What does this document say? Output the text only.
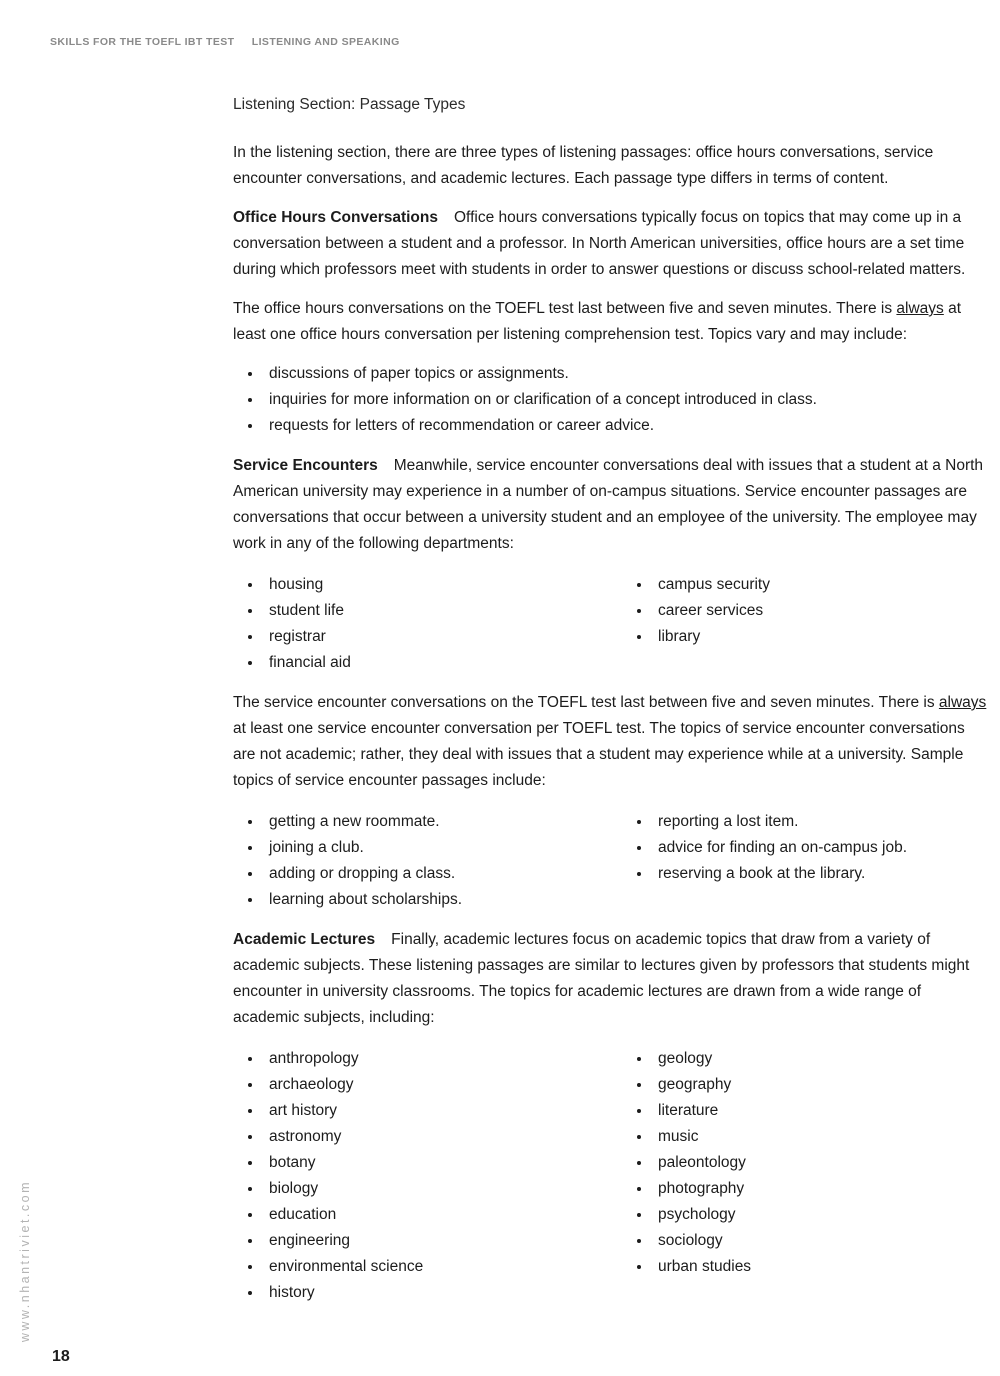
SKILLS FOR THE TOEFL IBT TEST LISTENING AND SPEAKING
Listening Section: Passage Types

In the listening section, there are three types of listening passages: office hours conversations, service encounter conversations, and academic lectures. Each passage type differs in terms of content.

Office Hours Conversations Office hours conversations typically focus on topics that may come up in a conversation between a student and a professor. In North American universities, office hours are a set time during which professors meet with students in order to answer questions or discuss school-related matters.

The office hours conversations on the TOEFL test last between five and seven minutes. There is always at least one office hours conversation per listening comprehension test. Topics vary and may include:

• discussions of paper topics or assignments.
• inquiries for more information on or clarification of a concept introduced in class.
• requests for letters of recommendation or career advice.

Service Encounters Meanwhile, service encounter conversations deal with issues that a student at a North American university may experience in a number of on-campus situations. Service encounter passages are conversations that occur between a university student and an employee of the university. The employee may work in any of the following departments:

• housing
• student life
• registrar
• financial aid
• campus security
• career services
• library

The service encounter conversations on the TOEFL test last between five and seven minutes. There is always at least one service encounter conversation per TOEFL test. The topics of service encounter conversations are not academic; rather, they deal with issues that a student may experience while at a university. Sample topics of service encounter passages include:

• getting a new roommate.
• joining a club.
• adding or dropping a class.
• learning about scholarships.
• reporting a lost item.
• advice for finding an on-campus job.
• reserving a book at the library.

Academic Lectures Finally, academic lectures focus on academic topics that draw from a variety of academic subjects. These listening passages are similar to lectures given by professors that students might encounter in university classrooms. The topics for academic lectures are drawn from a wide range of academic subjects, including:

• anthropology
• archaeology
• art history
• astronomy
• botany
• biology
• education
• engineering
• environmental science
• history
• geology
• geography
• literature
• music
• paleontology
• photography
• psychology
• sociology
• urban studies
www.nhantriviet.com
18
